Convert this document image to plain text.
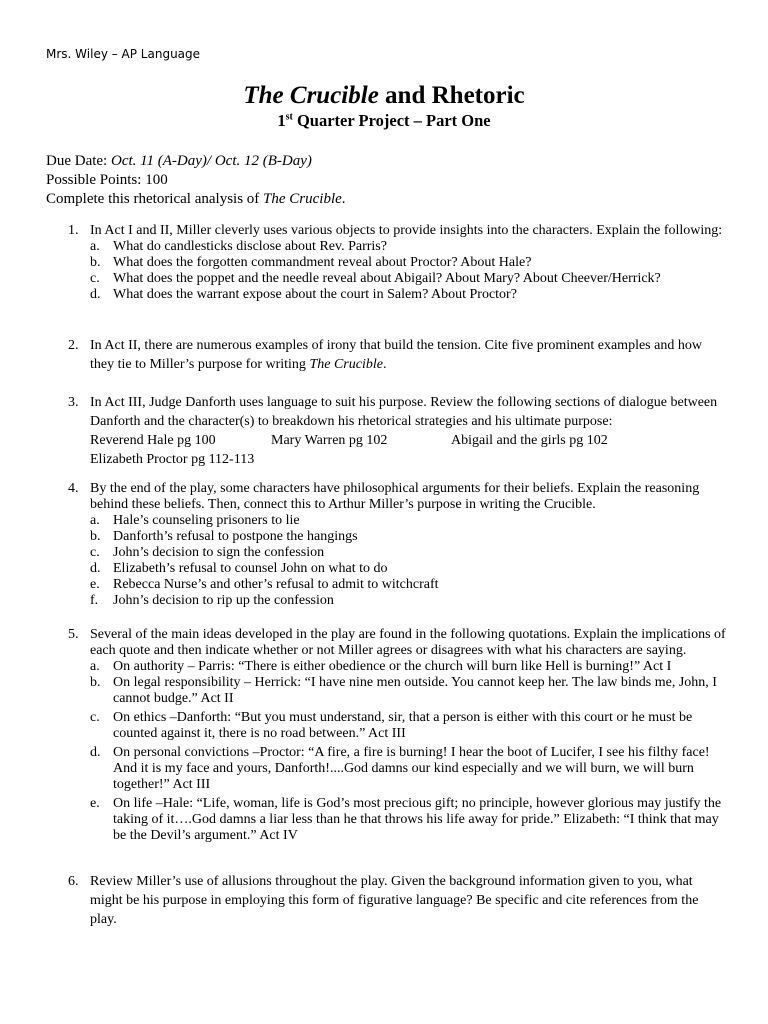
Mrs. Wiley – AP Language
The Crucible and Rhetoric
1st Quarter Project – Part One
Due Date: Oct. 11 (A-Day)/ Oct. 12 (B-Day)
Possible Points: 100
Complete this rhetorical analysis of The Crucible.
1. In Act I and II, Miller cleverly uses various objects to provide insights into the characters. Explain the following:
a. What do candlesticks disclose about Rev. Parris?
b. What does the forgotten commandment reveal about Proctor? About Hale?
c. What does the poppet and the needle reveal about Abigail? About Mary? About Cheever/Herrick?
d. What does the warrant expose about the court in Salem? About Proctor?
2. In Act II, there are numerous examples of irony that build the tension. Cite five prominent examples and how they tie to Miller’s purpose for writing The Crucible.
3. In Act III, Judge Danforth uses language to suit his purpose. Review the following sections of dialogue between Danforth and the character(s) to breakdown his rhetorical strategies and his ultimate purpose:
Reverend Hale pg 100	Mary Warren pg 102	Abigail and the girls pg 102
Elizabeth Proctor pg 112-113
4. By the end of the play, some characters have philosophical arguments for their beliefs. Explain the reasoning behind these beliefs. Then, connect this to Arthur Miller’s purpose in writing the Crucible.
a. Hale’s counseling prisoners to lie
b. Danforth’s refusal to postpone the hangings
c. John’s decision to sign the confession
d. Elizabeth’s refusal to counsel John on what to do
e. Rebecca Nurse’s and other’s refusal to admit to witchcraft
f. John’s decision to rip up the confession
5. Several of the main ideas developed in the play are found in the following quotations. Explain the implications of each quote and then indicate whether or not Miller agrees or disagrees with what his characters are saying.
a. On authority – Parris: “There is either obedience or the church will burn like Hell is burning!” Act I
b. On legal responsibility – Herrick: “I have nine men outside. You cannot keep her. The law binds me, John, I cannot budge.” Act II
c. On ethics –Danforth: “But you must understand, sir, that a person is either with this court or he must be counted against it, there is no road between.” Act III
d. On personal convictions –Proctor: “A fire, a fire is burning! I hear the boot of Lucifer, I see his filthy face! And it is my face and yours, Danforth!....God damns our kind especially and we will burn, we will burn together!” Act III
e. On life –Hale: “Life, woman, life is God’s most precious gift; no principle, however glorious may justify the taking of it….God damns a liar less than he that throws his life away for pride.” Elizabeth: “I think that may be the Devil’s argument.” Act IV
6. Review Miller’s use of allusions throughout the play. Given the background information given to you, what might be his purpose in employing this form of figurative language? Be specific and cite references from the play.
